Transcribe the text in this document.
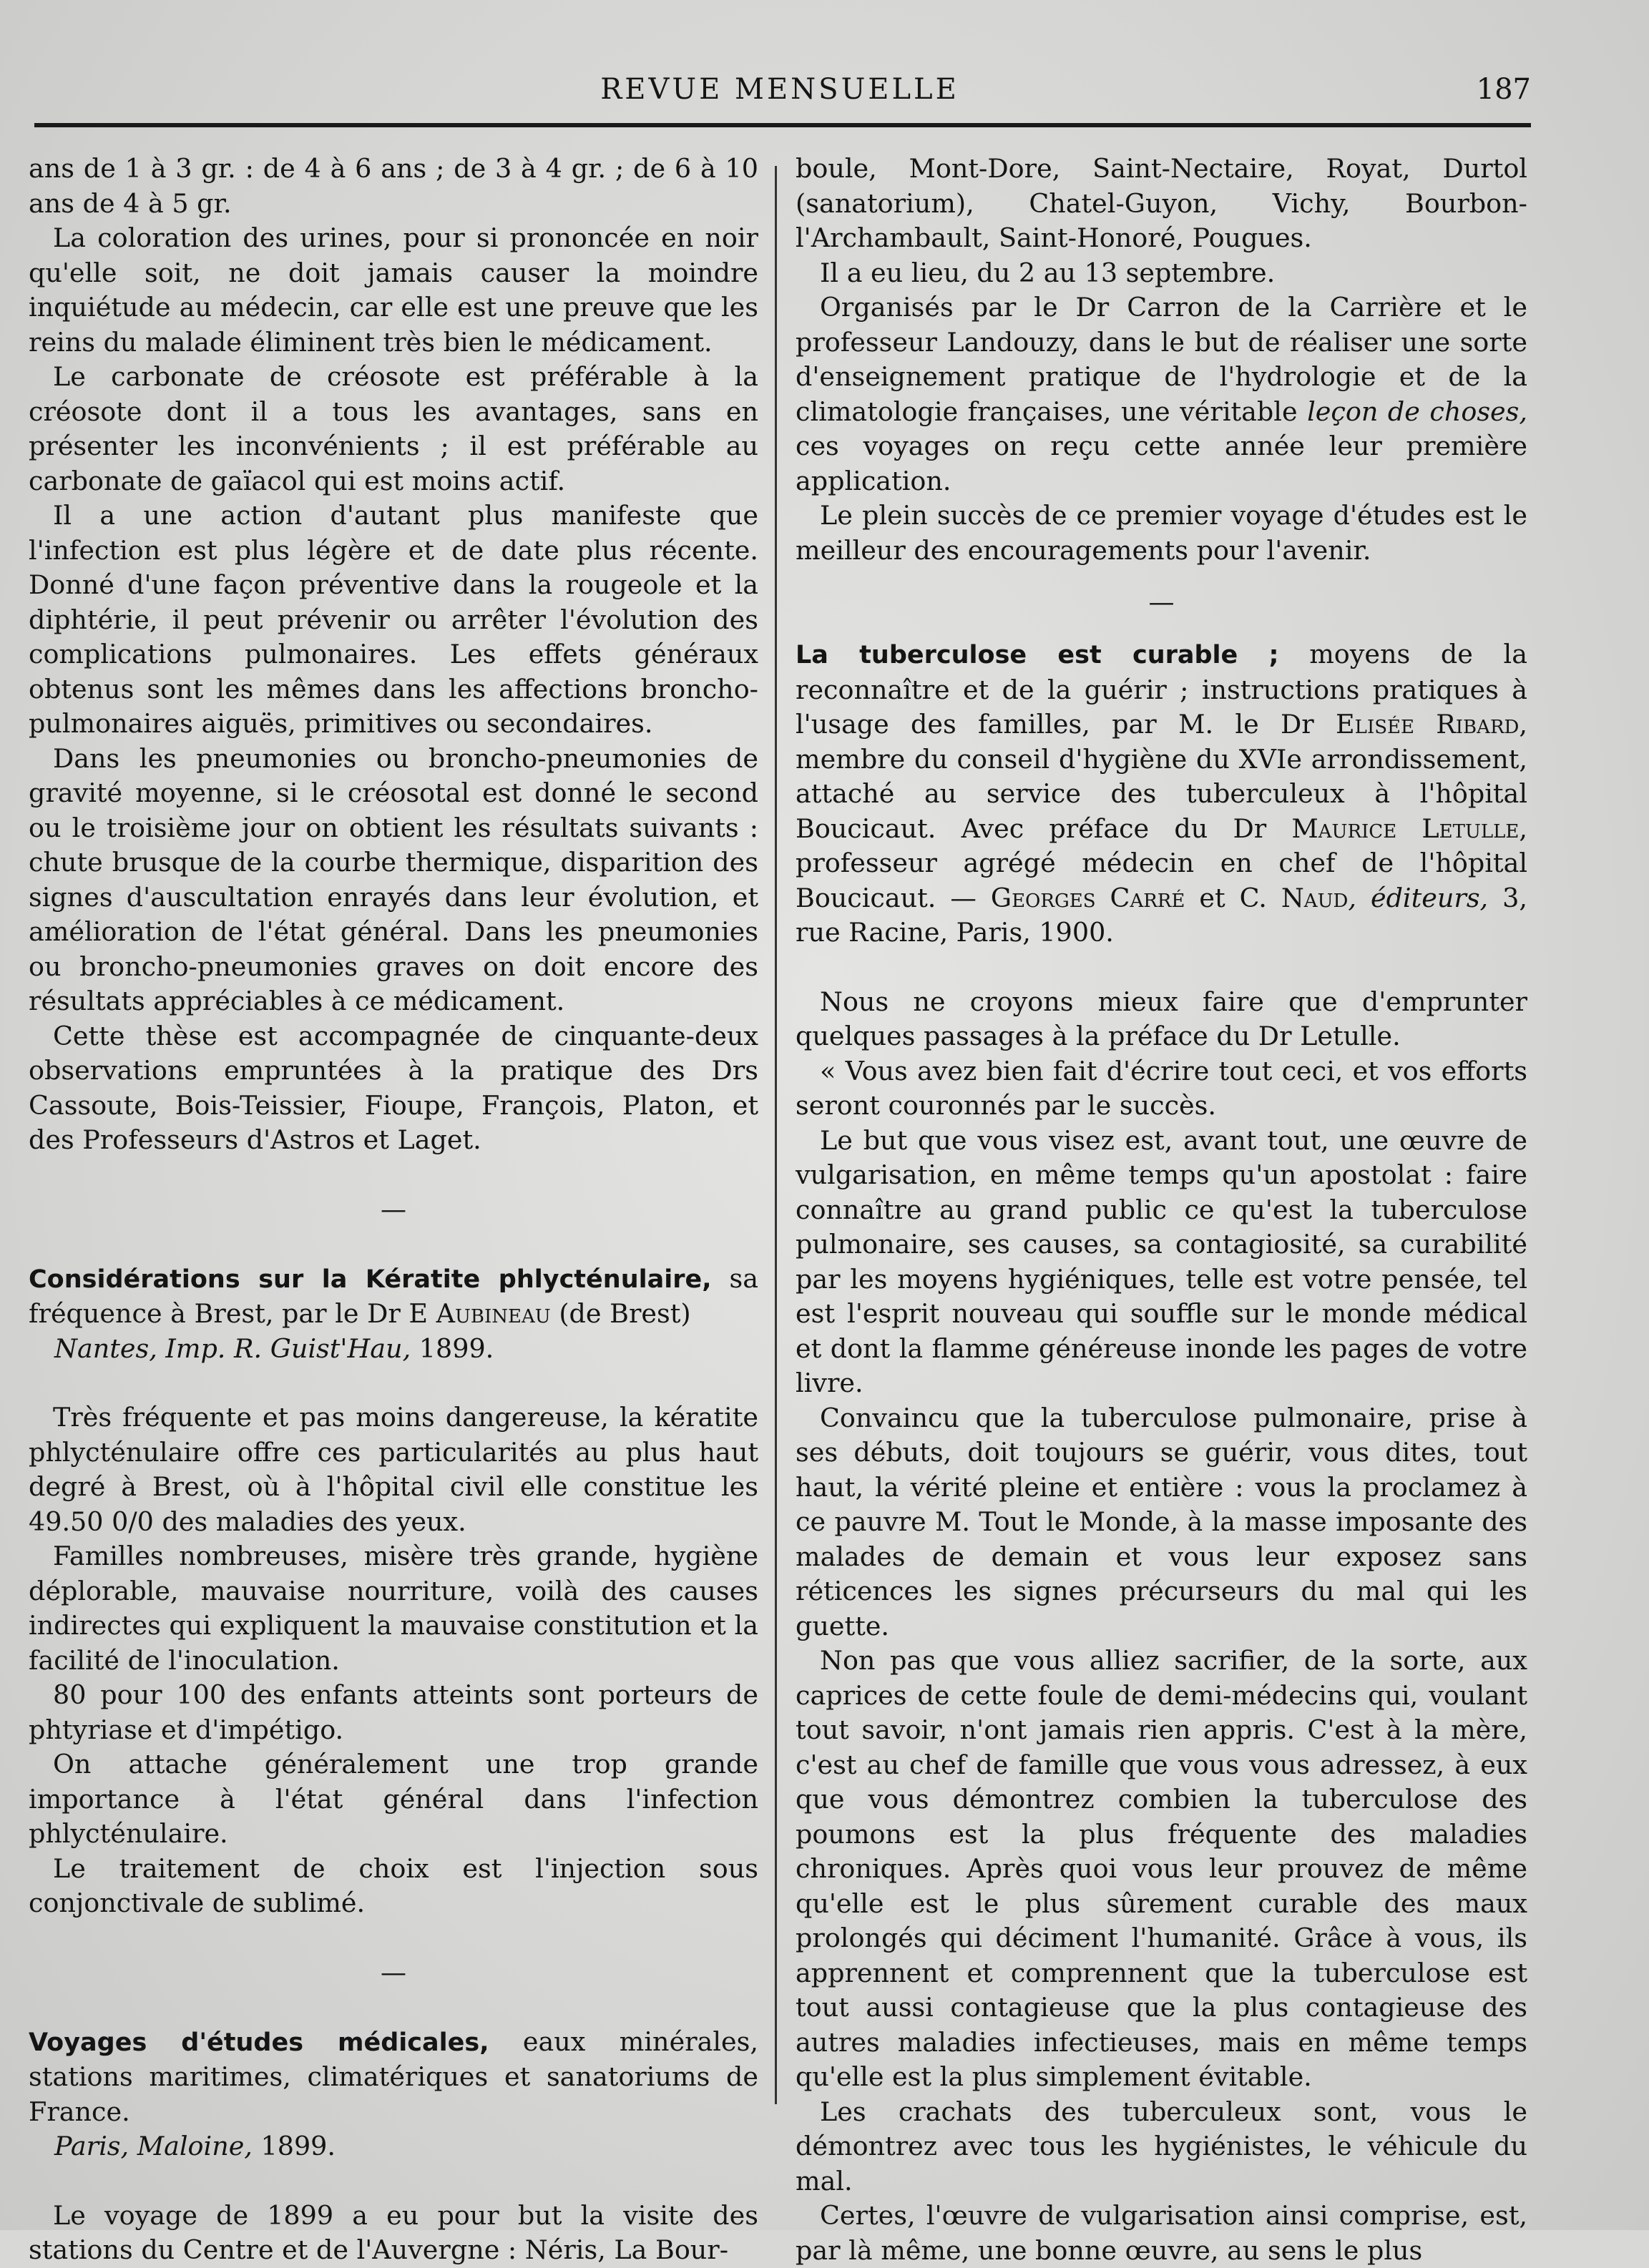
REVUE MENSUELLE	187

ans de 1 à 3 gr. : de 4 à 6 ans ; de 3 à 4 gr. ; de 6 à 10 ans de 4 à 5 gr.

La coloration des urines, pour si prononcée en noir qu'elle soit, ne doit jamais causer la moindre inquiétude au médecin, car elle est une preuve que les reins du malade éliminent très bien le médicament.

Le carbonate de créosote est préférable à la créosote dont il a tous les avantages, sans en présenter les inconvénients ; il est préférable au carbonate de gaïacol qui est moins actif.

Il a une action d'autant plus manifeste que l'infection est plus légère et de date plus récente. Donné d'une façon préventive dans la rougeole et la diphtérie, il peut prévenir ou arrêter l'évolution des complications pulmonaires. Les effets généraux obtenus sont les mêmes dans les affections broncho-pulmonaires aiguës, primitives ou secondaires.

Dans les pneumonies ou broncho-pneumonies de gravité moyenne, si le créosotal est donné le second ou le troisième jour on obtient les résultats suivants : chute brusque de la courbe thermique, disparition des signes d'auscultation enrayés dans leur évolution, et amélioration de l'état général. Dans les pneumonies ou broncho-pneumonies graves on doit encore des résultats appréciables à ce médicament.

Cette thèse est accompagnée de cinquante-deux observations empruntées à la pratique des Drs Cassoute, Bois-Teissier, Fioupe, François, Platon, et des Professeurs d'Astros et Laget.

—

Considérations sur la Kératite phlycténulaire, sa fréquence à Brest, par le Dr E Aubineau (de Brest)

Nantes, Imp. R. Guist'Hau, 1899.

Très fréquente et pas moins dangereuse, la kératite phlycténulaire offre ces particularités au plus haut degré à Brest, où à l'hôpital civil elle constitue les 49.50 0/0 des maladies des yeux.

Familles nombreuses, misère très grande, hygiène déplorable, mauvaise nourriture, voilà des causes indirectes qui expliquent la mauvaise constitution et la facilité de l'inoculation.

80 pour 100 des enfants atteints sont porteurs de phtyriase et d'impétigo.

On attache généralement une trop grande importance à l'état général dans l'infection phlycténulaire.

Le traitement de choix est l'injection sous conjonctivale de sublimé.

—

Voyages d'études médicales, eaux minérales, stations maritimes, climatériques et sanatoriums de France.

Paris, Maloine, 1899.

Le voyage de 1899 a eu pour but la visite des stations du Centre et de l'Auvergne : Néris, La Bour-

boule, Mont-Dore, Saint-Nectaire, Royat, Durtol (sanatorium), Chatel-Guyon, Vichy, Bourbon-l'Archambault, Saint-Honoré, Pougues.

Il a eu lieu, du 2 au 13 septembre.

Organisés par le Dr Carron de la Carrière et le professeur Landouzy, dans le but de réaliser une sorte d'enseignement pratique de l'hydrologie et de la climatologie françaises, une véritable leçon de choses, ces voyages on reçu cette année leur première application.

Le plein succès de ce premier voyage d'études est le meilleur des encouragements pour l'avenir.

—

La tuberculose est curable ; moyens de la reconnaître et de la guérir ; instructions pratiques à l'usage des familles, par M. le Dr Elisée Ribard, membre du conseil d'hygiène du XVIe arrondissement, attaché au service des tuberculeux à l'hôpital Boucicaut. Avec préface du Dr Maurice Letulle, professeur agrégé médecin en chef de l'hôpital Boucicaut. — Georges Carré et C. Naud, éditeurs, 3, rue Racine, Paris, 1900.

Nous ne croyons mieux faire que d'emprunter quelques passages à la préface du Dr Letulle.

« Vous avez bien fait d'écrire tout ceci, et vos efforts seront couronnés par le succès.

Le but que vous visez est, avant tout, une œuvre de vulgarisation, en même temps qu'un apostolat : faire connaître au grand public ce qu'est la tuberculose pulmonaire, ses causes, sa contagiosité, sa curabilité par les moyens hygiéniques, telle est votre pensée, tel est l'esprit nouveau qui souffle sur le monde médical et dont la flamme généreuse inonde les pages de votre livre.

Convaincu que la tuberculose pulmonaire, prise à ses débuts, doit toujours se guérir, vous dites, tout haut, la vérité pleine et entière : vous la proclamez à ce pauvre M. Tout le Monde, à la masse imposante des malades de demain et vous leur exposez sans réticences les signes précurseurs du mal qui les guette.

Non pas que vous alliez sacrifier, de la sorte, aux caprices de cette foule de demi-médecins qui, voulant tout savoir, n'ont jamais rien appris. C'est à la mère, c'est au chef de famille que vous vous adressez, à eux que vous démontrez combien la tuberculose des poumons est la plus fréquente des maladies chroniques. Après quoi vous leur prouvez de même qu'elle est le plus sûrement curable des maux prolongés qui déciment l'humanité. Grâce à vous, ils apprennent et comprennent que la tuberculose est tout aussi contagieuse que la plus contagieuse des autres maladies infectieuses, mais en même temps qu'elle est la plus simplement évitable.

Les crachats des tuberculeux sont, vous le démontrez avec tous les hygiénistes, le véhicule du mal.

Certes, l'œuvre de vulgarisation ainsi comprise, est, par là même, une bonne œuvre, au sens le plus
